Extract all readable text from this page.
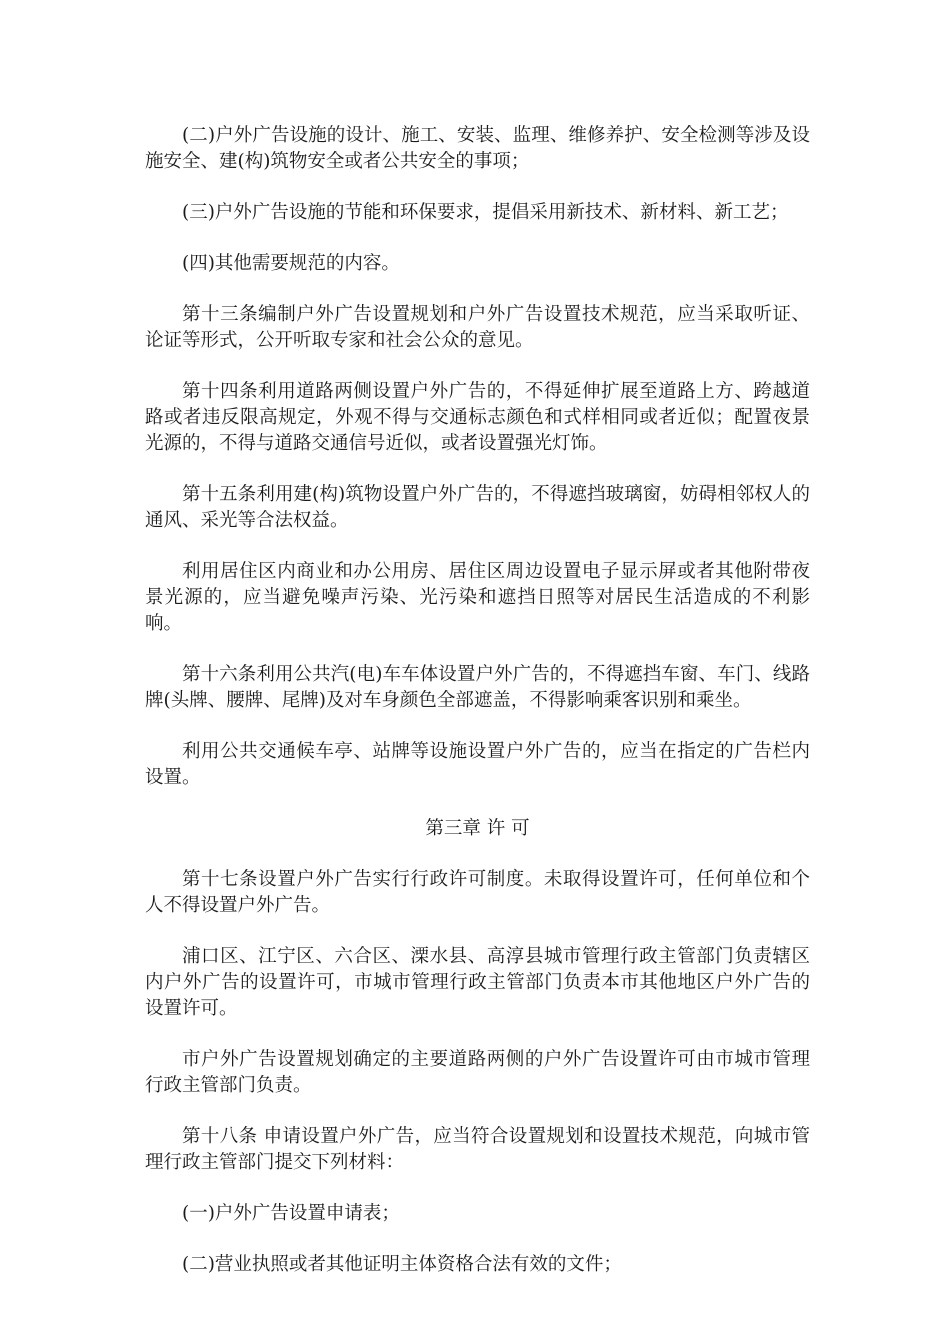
(二)户外广告设施的设计、施工、安装、监理、维修养护、安全检测等涉及设施安全、建(构)筑物安全或者公共安全的事项；

(三)户外广告设施的节能和环保要求，提倡采用新技术、新材料、新工艺；

(四)其他需要规范的内容。

第十三条编制户外广告设置规划和户外广告设置技术规范，应当采取听证、论证等形式，公开听取专家和社会公众的意见。

第十四条利用道路两侧设置户外广告的，不得延伸扩展至道路上方、跨越道路或者违反限高规定，外观不得与交通标志颜色和式样相同或者近似；配置夜景光源的，不得与道路交通信号近似，或者设置强光灯饰。

第十五条利用建(构)筑物设置户外广告的，不得遮挡玻璃窗，妨碍相邻权人的通风、采光等合法权益。

利用居住区内商业和办公用房、居住区周边设置电子显示屏或者其他附带夜景光源的，应当避免噪声污染、光污染和遮挡日照等对居民生活造成的不利影响。

第十六条利用公共汽(电)车车体设置户外广告的，不得遮挡车窗、车门、线路牌(头牌、腰牌、尾牌)及对车身颜色全部遮盖，不得影响乘客识别和乘坐。

利用公共交通候车亭、站牌等设施设置户外广告的，应当在指定的广告栏内设置。

第三章 许 可

第十七条设置户外广告实行行政许可制度。未取得设置许可，任何单位和个人不得设置户外广告。

浦口区、江宁区、六合区、溧水县、高淳县城市管理行政主管部门负责辖区内户外广告的设置许可，市城市管理行政主管部门负责本市其他地区户外广告的设置许可。

市户外广告设置规划确定的主要道路两侧的户外广告设置许可由市城市管理行政主管部门负责。

第十八条 申请设置户外广告，应当符合设置规划和设置技术规范，向城市管理行政主管部门提交下列材料：

(一)户外广告设置申请表；

(二)营业执照或者其他证明主体资格合法有效的文件；
